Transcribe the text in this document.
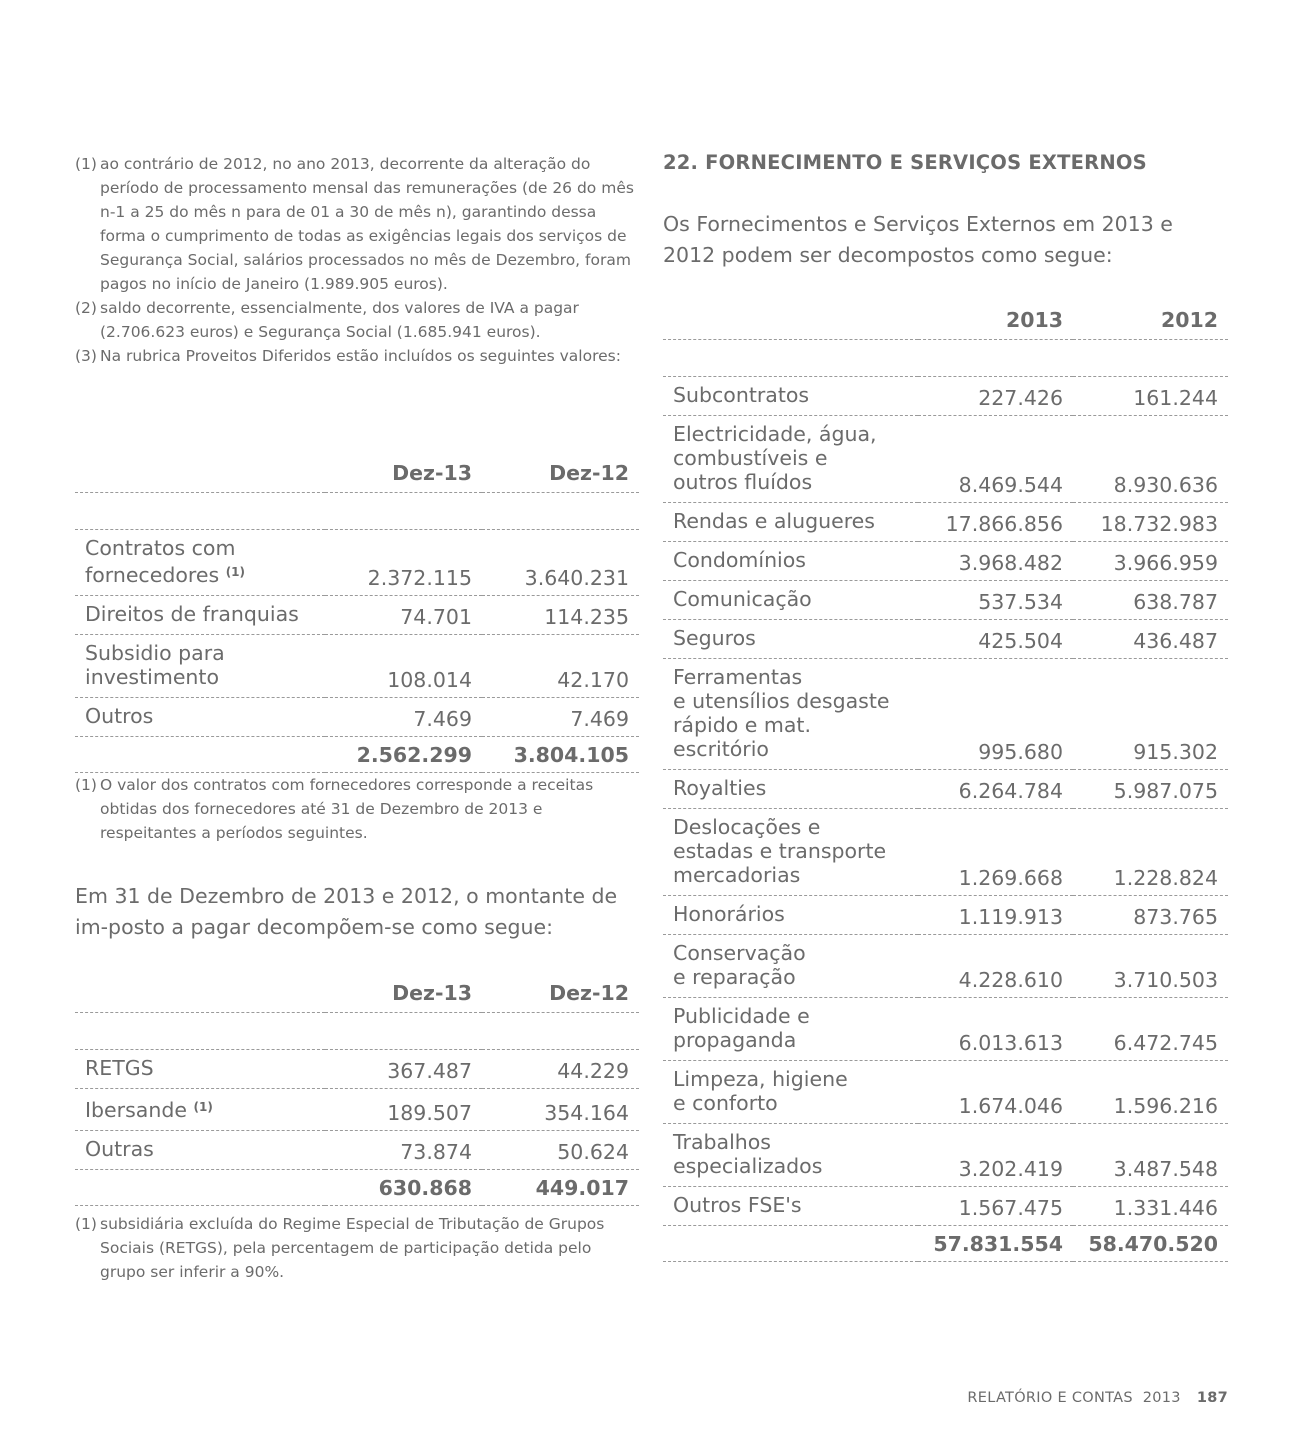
(1) ao contrário de 2012, no ano 2013, decorrente da alteração do período de processamento mensal das remunerações (de 26 do mês n-1 a 25 do mês n para de 01 a 30 de mês n), garantindo dessa forma o cumprimento de todas as exigências legais dos serviços de Segurança Social, salários processados no mês de Dezembro, foram pagos no início de Janeiro (1.989.905 euros).
(2) saldo decorrente, essencialmente, dos valores de IVA a pagar (2.706.623 euros) e Segurança Social (1.685.941 euros).
(3) Na rubrica Proveitos Diferidos estão incluídos os seguintes valores:
	Dez-13	Dez-12

Contratos com
fornecedores $^{(1)}$	2.372.115	3.640.231
Direitos de franquias	74.701	114.235
Subsidio para
investimento	108.014	42.170
Outros	7.469	7.469
	2.562.299	3.804.105
(1) O valor dos contratos com fornecedores corresponde a receitas obtidas dos fornecedores até 31 de Dezembro de 2013 e respeitantes a períodos seguintes.
Em 31 de Dezembro de 2013 e 2012, o montante de im-posto a pagar decompõem-se como segue:
	Dez-13	Dez-12

RETGS	367.487	44.229
Ibersande $^{(1)}$	189.507	354.164
Outras	73.874	50.624
	630.868	449.017
(1) subsidiária excluída do Regime Especial de Tributação de Grupos Sociais (RETGS), pela percentagem de participação detida pelo grupo ser inferir a 90%.
22. FORNECIMENTO E SERVIÇOS EXTERNOS
Os Fornecimentos e Serviços Externos em 2013 e 2012 podem ser decompostos como segue:
	2013	2012

Subcontratos	227.426	161.244
Electricidade, água,
combustíveis e
outros fluídos	8.469.544	8.930.636
Rendas e alugueres	17.866.856	18.732.983
Condomínios	3.968.482	3.966.959
Comunicação	537.534	638.787
Seguros	425.504	436.487
Ferramentas
e utensílios desgaste
rápido e mat.
escritório	995.680	915.302
Royalties	6.264.784	5.987.075
Deslocações e
estadas e transporte
mercadorias	1.269.668	1.228.824
Honorários	1.119.913	873.765
Conservação
e reparação	4.228.610	3.710.503
Publicidade e
propaganda	6.013.613	6.472.745
Limpeza, higiene
e conforto	1.674.046	1.596.216
Trabalhos
especializados	3.202.419	3.487.548
Outros FSE's	1.567.475	1.331.446
	57.831.554	58.470.520
RELATÓRIO E CONTAS  2013 187
